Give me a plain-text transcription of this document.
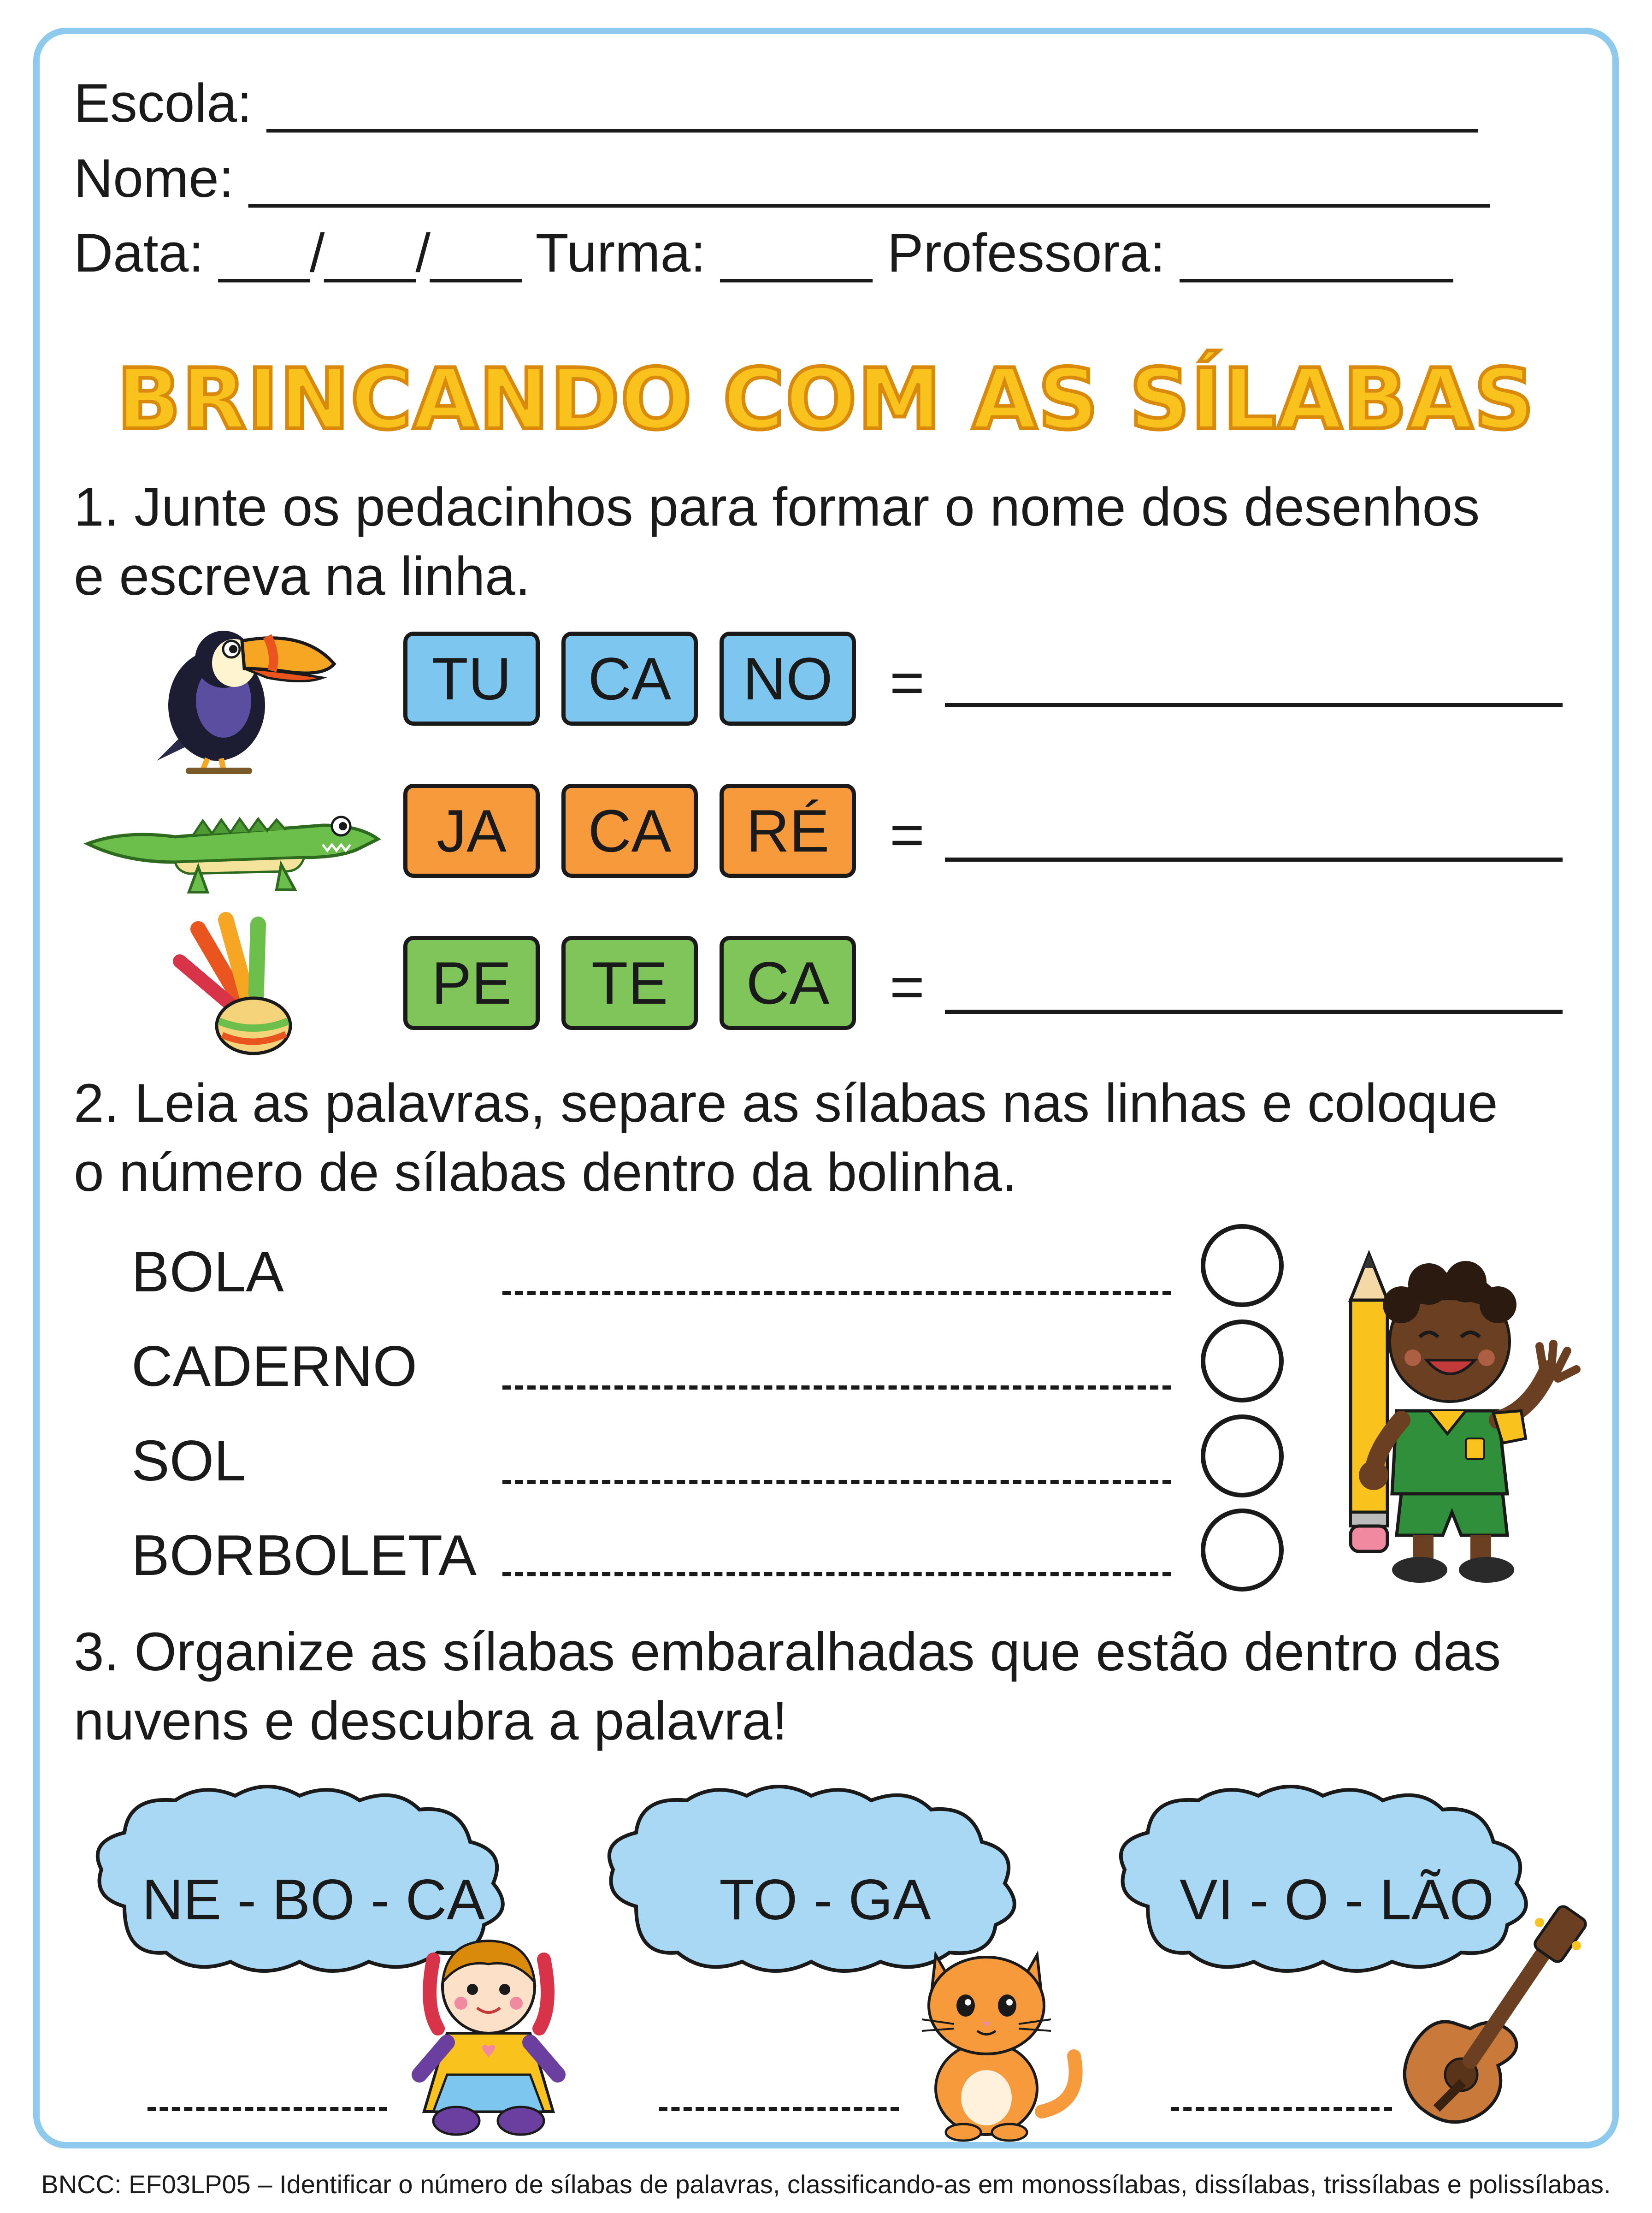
Escola: ________________________________________
Nome: _________________________________________
Data: ___/___/___ Turma: _____ Professora: _________
BRINCANDO COM AS SÍLABAS
1. Junte os pedacinhos para formar o nome dos desenhos
e escreva na linha.
TU	CA	NO =
JA	CA	RÉ	=
PE	TE	CA	=
2. Leia as palavras, separe as sílabas nas linhas e coloque
o número de sílabas dentro da bolinha.
BOLA
CADERNO
SOL
BORBOLETA
3. Organize as sílabas embaralhadas que estão dentro das
nuvens e descubra a palavra!
NE - BO - CA	TO - GA	VI - O - LÃO
BNCC: EF03LP05 – Identificar o número de sílabas de palavras, classificando-as em monossílabas, dissílabas, trissílabas e polissílabas.
